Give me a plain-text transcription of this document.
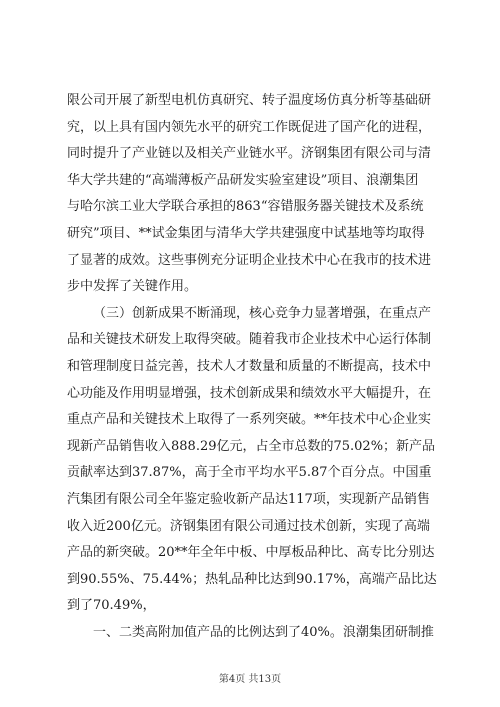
限公司开展了新型电机仿真研究、转子温度场仿真分析等基础研
究，以上具有国内领先水平的研究工作既促进了国产化的进程，
同时提升了产业链以及相关产业链水平。济钢集团有限公司与清
华大学共建的“高端薄板产品研发实验室建设”项目、浪潮集团
与哈尔滨工业大学联合承担的863“容错服务器关键技术及系统
研究”项目、**试金集团与清华大学共建强度中试基地等均取得
了显著的成效。这些事例充分证明企业技术中心在我市的技术进
步中发挥了关键作用。
（三）创新成果不断涌现，核心竞争力显著增强，在重点产
品和关键技术研发上取得突破。随着我市企业技术中心运行体制
和管理制度日益完善，技术人才数量和质量的不断提高，技术中
心功能及作用明显增强，技术创新成果和绩效水平大幅提升，在
重点产品和关键技术上取得了一系列突破。**年技术中心企业实
现新产品销售收入888.29亿元，占全市总数的75.02%；新产品
贡献率达到37.87%，高于全市平均水平5.87个百分点。中国重
汽集团有限公司全年鉴定验收新产品达117项，实现新产品销售
收入近200亿元。济钢集团有限公司通过技术创新，实现了高端
产品的新突破。20**年全年中板、中厚板品种比、高专比分别达
到90.55%、75.44%；热轧品种比达到90.17%，高端产品比达
到了70.49%，
一、二类高附加值产品的比例达到了40%。浪潮集团研制推
第4页 共13页
